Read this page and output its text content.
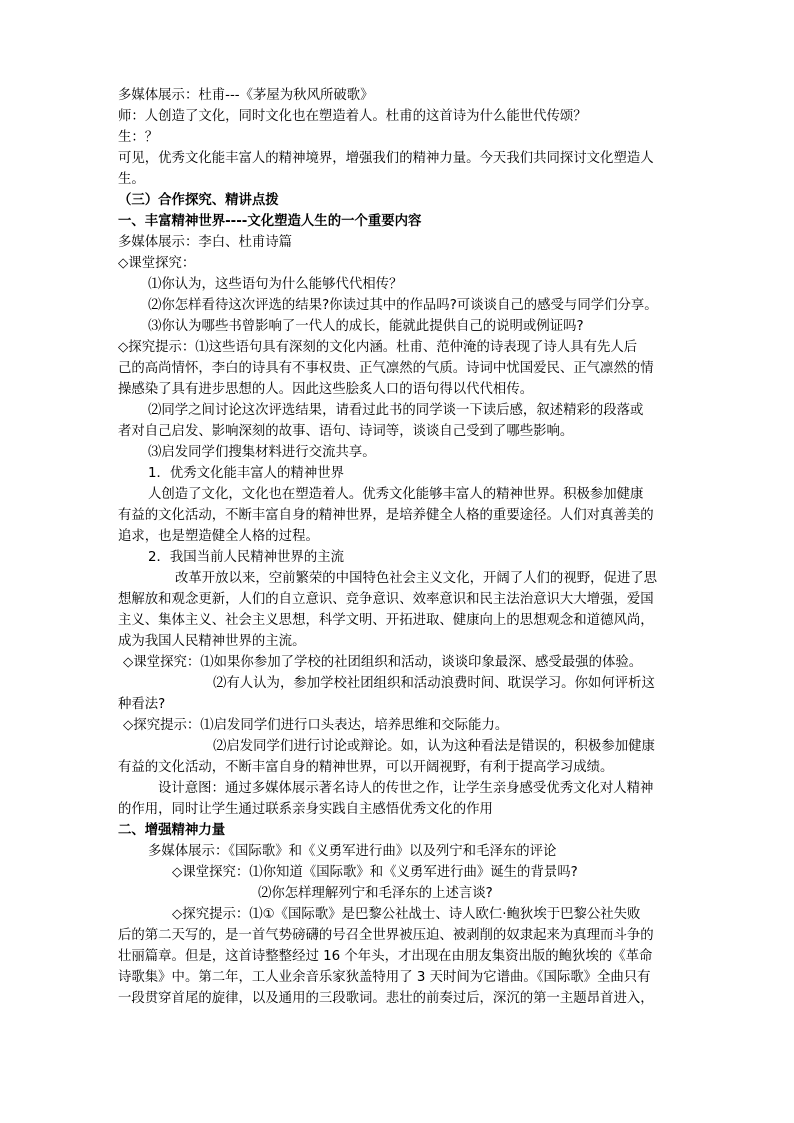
多媒体展示：杜甫---《茅屋为秋风所破歌》
师：人创造了文化，同时文化也在塑造着人。杜甫的这首诗为什么能世代传颂？
生：？
可见，优秀文化能丰富人的精神境界，增强我们的精神力量。今天我们共同探讨文化塑造人
生。
（三）合作探究、精讲点拨
一、丰富精神世界----文化塑造人生的一个重要内容
多媒体展示：李白、杜甫诗篇
◇课堂探究：
⑴你认为，这些语句为什么能够代代相传？
⑵你怎样看待这次评选的结果?你读过其中的作品吗?可谈谈自己的感受与同学们分享。
⑶你认为哪些书曾影响了一代人的成长，能就此提供自己的说明或例证吗?
◇探究提示：⑴这些语句具有深刻的文化内涵。杜甫、范仲淹的诗表现了诗人具有先人后
己的高尚情怀，李白的诗具有不事权贵、正气凛然的气质。诗词中忧国爱民、正气凛然的情
操感染了具有进步思想的人。因此这些脍炙人口的语句得以代代相传。
⑵同学之间讨论这次评选结果，请看过此书的同学谈一下读后感，叙述精彩的段落或
者对自己启发、影响深刻的故事、语句、诗词等，谈谈自己受到了哪些影响。
⑶启发同学们搜集材料进行交流共享。
1．优秀文化能丰富人的精神世界
人创造了文化，文化也在塑造着人。优秀文化能够丰富人的精神世界。积极参加健康
有益的文化活动，不断丰富自身的精神世界，是培养健全人格的重要途径。人们对真善美的
追求，也是塑造健全人格的过程。
2．我国当前人民精神世界的主流
改革开放以来，空前繁荣的中国特色社会主义文化，开阔了人们的视野，促进了思
想解放和观念更新，人们的自立意识、竞争意识、效率意识和民主法治意识大大增强，爱国
主义、集体主义、社会主义思想，科学文明、开拓进取、健康向上的思想观念和道德风尚，
成为我国人民精神世界的主流。
◇课堂探究：⑴如果你参加了学校的社团组织和活动，谈谈印象最深、感受最强的体验。
⑵有人认为，参加学校社团组织和活动浪费时间、耽误学习。你如何评析这
种看法?
◇探究提示：⑴启发同学们进行口头表达，培养思维和交际能力。
⑵启发同学们进行讨论或辩论。如，认为这种看法是错误的，积极参加健康
有益的文化活动，不断丰富自身的精神世界，可以开阔视野，有利于提高学习成绩。
设计意图：通过多媒体展示著名诗人的传世之作，让学生亲身感受优秀文化对人精神
的作用，同时让学生通过联系亲身实践自主感悟优秀文化的作用
二、增强精神力量
多媒体展示：《国际歌》和《义勇军进行曲》以及列宁和毛泽东的评论
◇课堂探究：⑴你知道《国际歌》和《义勇军进行曲》诞生的背景吗?
⑵你怎样理解列宁和毛泽东的上述言谈?
◇探究提示：⑴①《国际歌》是巴黎公社战士、诗人欧仁·鲍狄埃于巴黎公社失败
后的第二天写的，是一首气势磅礴的号召全世界被压迫、被剥削的奴隶起来为真理而斗争的
壮丽篇章。但是，这首诗整整经过 16 个年头，才出现在由朋友集资出版的鲍狄埃的《革命
诗歌集》中。第二年，工人业余音乐家狄盖特用了 3 天时间为它谱曲。《国际歌》全曲只有
一段贯穿首尾的旋律，以及通用的三段歌词。悲壮的前奏过后，深沉的第一主题昂首进入，
